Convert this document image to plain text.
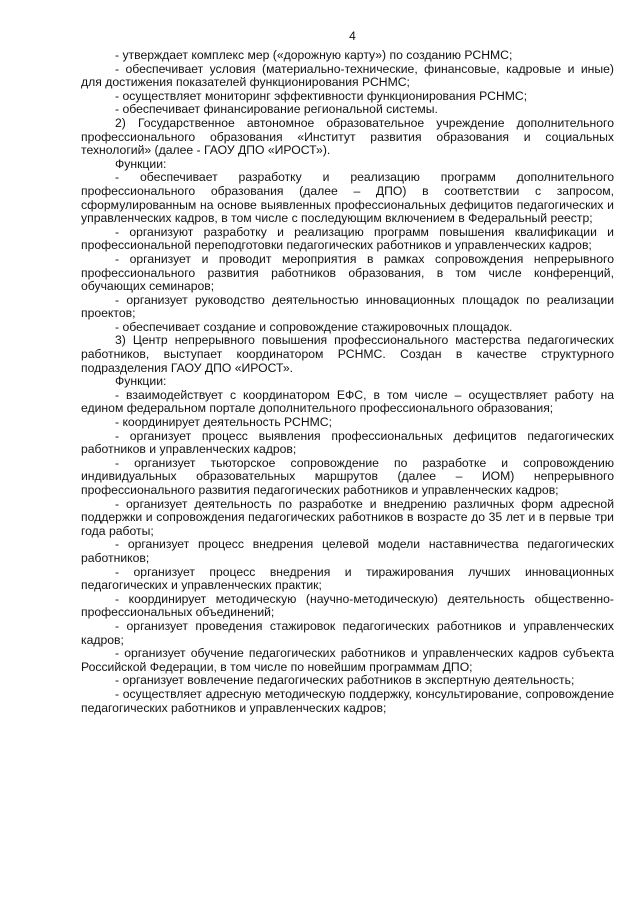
4

- утверждает комплекс мер («дорожную карту») по созданию РСНМС;

- обеспечивает условия (материально-технические, финансовые, кадровые и иные) для достижения показателей функционирования РСНМС;

- осуществляет мониторинг эффективности функционирования РСНМС;

- обеспечивает финансирование региональной системы.

2) Государственное автономное образовательное учреждение дополнительного профессионального образования «Институт развития образования и социальных технологий» (далее - ГАОУ ДПО «ИРОСТ»).

Функции:

- обеспечивает разработку и реализацию программ дополнительного профессионального образования (далее – ДПО) в соответствии с запросом, сформулированным на основе выявленных профессиональных дефицитов педагогических и управленческих кадров, в том числе с последующим включением в Федеральный реестр;

- организуют разработку и реализацию программ повышения квалификации и профессиональной переподготовки педагогических работников и управленческих кадров;

- организует и проводит мероприятия в рамках сопровождения непрерывного профессионального развития работников образования, в том числе конференций, обучающих семинаров;

- организует руководство деятельностью инновационных площадок по реализации проектов;

- обеспечивает создание и сопровождение стажировочных площадок.

3) Центр непрерывного повышения профессионального мастерства педагогических работников, выступает координатором РСНМС. Создан в качестве структурного подразделения ГАОУ ДПО «ИРОСТ».

Функции:

- взаимодействует с координатором ЕФС, в том числе – осуществляет работу на едином федеральном портале дополнительного профессионального образования;

- координирует деятельность РСНМС;

- организует процесс выявления профессиональных дефицитов педагогических работников и управленческих кадров;

- организует тьюторское сопровождение по разработке и сопровождению индивидуальных образовательных маршрутов (далее – ИОМ) непрерывного профессионального развития педагогических работников и управленческих кадров;

- организует деятельность по разработке и внедрению различных форм адресной поддержки и сопровождения педагогических работников в возрасте до 35 лет и в первые три года работы;

- организует процесс внедрения целевой модели наставничества педагогических работников;

- организует процесс внедрения и тиражирования лучших инновационных педагогических и управленческих практик;

- координирует методическую (научно-методическую) деятельность общественно-профессиональных объединений;

- организует проведения стажировок педагогических работников и управленческих кадров;

- организует обучение педагогических работников и управленческих кадров субъекта Российской Федерации, в том числе по новейшим программам ДПО;

- организует вовлечение педагогических работников в экспертную деятельность;

- осуществляет адресную методическую поддержку, консультирование, сопровождение педагогических работников и управленческих кадров;
